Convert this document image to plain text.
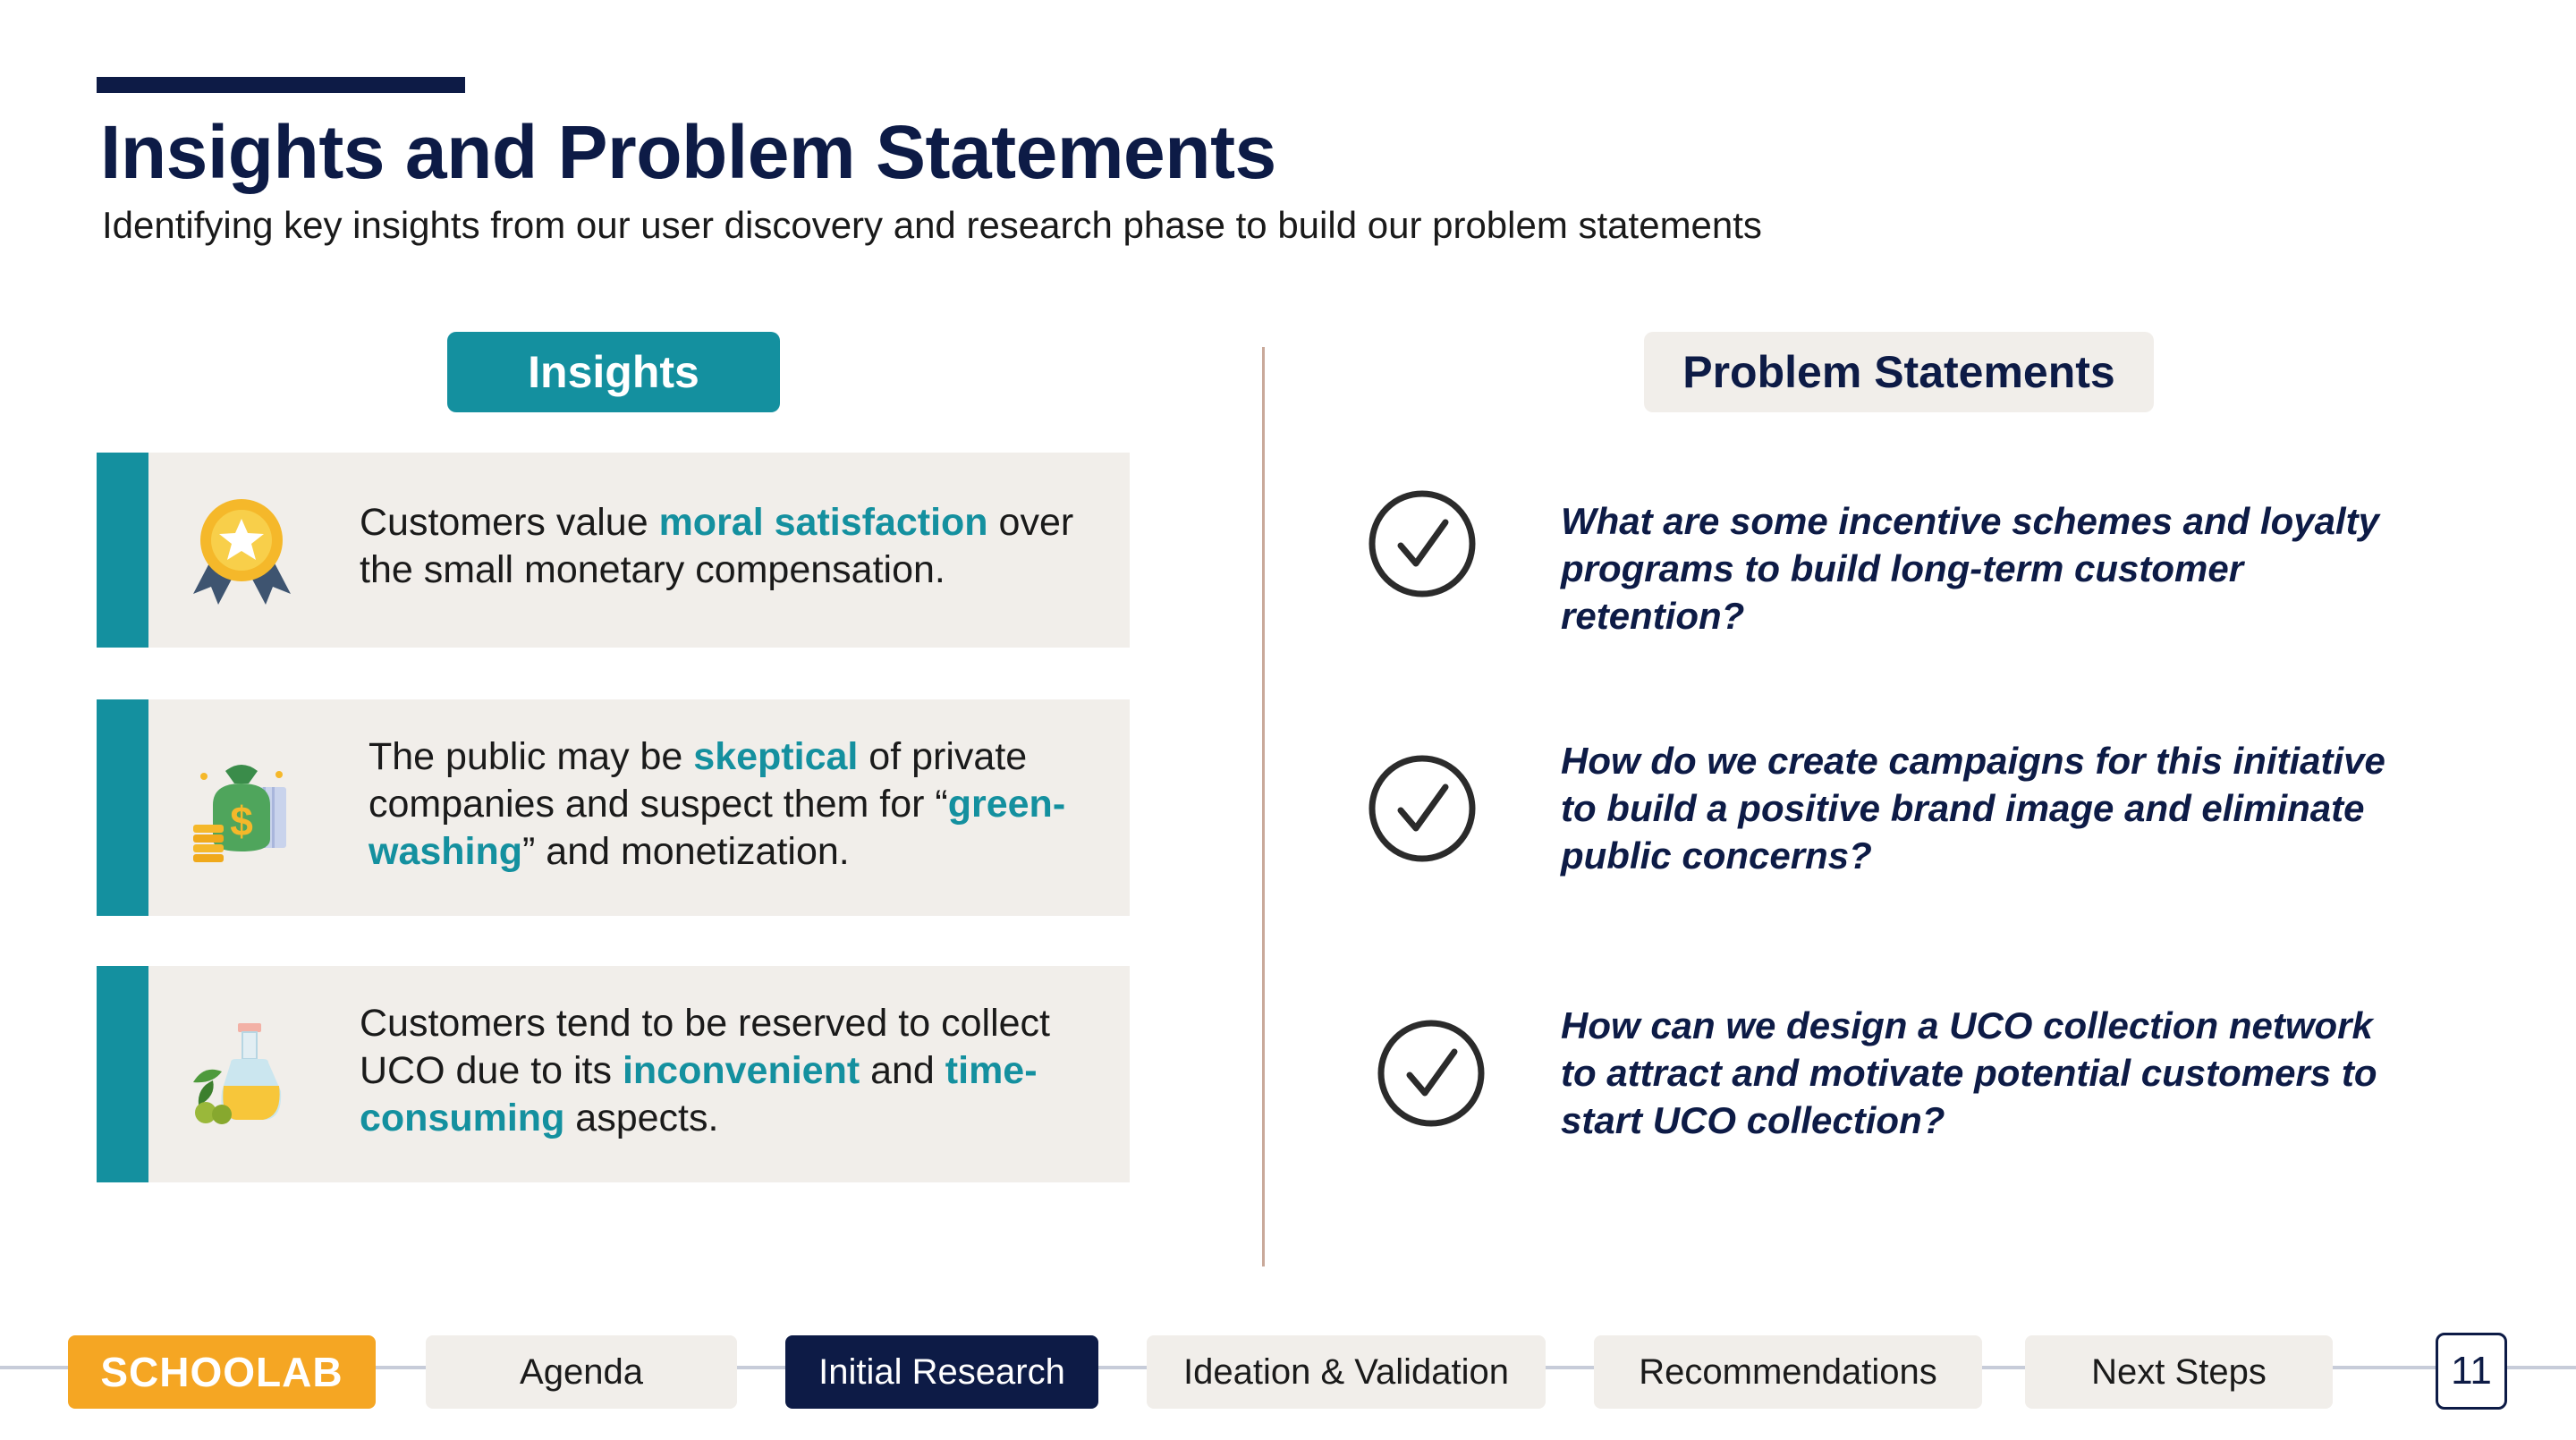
Insights and Problem Statements
Identifying key insights from our user discovery and research phase to build our problem statements
Insights	Problem Statements
Customers value moral satisfaction over the small monetary compensation.
$
The public may be skeptical of private companies and suspect them for “green-washing” and monetization.
Customers tend to be reserved to collect UCO due to its inconvenient and time-consuming aspects.
What are some incentive schemes and loyalty programs to build long-term customer retention?
How do we create campaigns for this initiative to build a positive brand image and eliminate public concerns?
How can we design a UCO collection network to attract and motivate potential customers to start UCO collection?
SCHOOLAB	Agenda	Initial Research	Ideation & Validation	Recommendations	Next Steps	11
